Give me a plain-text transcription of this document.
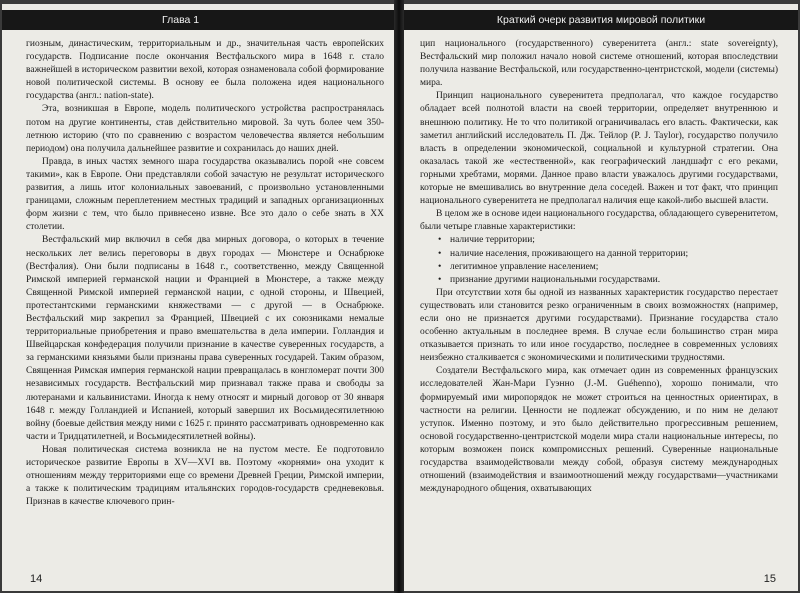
Глава 1

гиозным, династическим, территориальным и др., значительная часть европейских государств. Подписание после окончания Вестфальского мира в 1648 г. стало важнейшей в историческом развитии вехой, которая ознаменовала собой формирование новой политической системы. В основу ее была положена идея национального государства (англ.: nation-state).

Эта, возникшая в Европе, модель политического устройства распространялась потом на другие континенты, став действительно мировой. За чуть более чем 350-летнюю историю (что по сравнению с возрастом человечества является небольшим периодом) она получила дальнейшее развитие и сохранилась до наших дней.

Правда, в иных частях земного шара государства оказывались порой «не совсем такими», как в Европе. Они представляли собой зачастую не результат исторического развития, а лишь итог колониальных завоеваний, с произвольно установленными границами, сложным переплетением местных традиций и западных организационных форм жизни с тем, что было привнесено извне. Все это дало о себе знать в XX столетии.

Вестфальский мир включил в себя два мирных договора, о которых в течение нескольких лет велись переговоры в двух городах — Мюнстере и Оснабрюке (Вестфалия). Они были подписаны в 1648 г., соответственно, между Священной Римской империей германской нации и Францией в Мюнстере, а также между Священной Римской империей германской нации, с одной стороны, и Швецией, протестантскими германскими княжествами — с другой — в Оснабрюке. Вестфальский мир закрепил за Францией, Швецией с их союзниками немалые территориальные приобретения и право вмешательства в дела империи. Голландия и Швейцарская конфедерация получили признание в качестве суверенных государств, а за германскими князьями были признаны права суверенных государей. Таким образом, Священная Римская империя германской нации превращалась в конгломерат почти 300 независимых государств. Вестфальский мир признавал также права и свободы за лютеранами и кальвинистами. Иногда к нему относят и мирный договор от 30 января 1648 г. между Голландией и Испанией, который завершил их Восьмидесятилетнюю войну (боевые действия между ними с 1625 г. принято рассматривать одновременно как части и Тридцатилетней, и Восьмидесятилетней войны).

Новая политическая система возникла не на пустом месте. Ее подготовило историческое развитие Европы в XV—XVI вв. Поэтому «корнями» она уходит к отношениям между территориями еще со времени Древней Греции, Римской империи, а также к политическим традициям итальянских городов-государств средневековья. Признав в качестве ключевого прин-

14
Краткий очерк развития мировой политики

цип национального (государственного) суверенитета (англ.: state sovereignty), Вестфальский мир положил начало новой системе отношений, которая впоследствии получила название Вестфальской, или государственно-центристской, модели (системы) мира.

Принцип национального суверенитета предполагал, что каждое государство обладает всей полнотой власти на своей территории, определяет внутреннюю и внешнюю политику. Не то что политикой ограничивалась его власть. Фактически, как заметил английский исследователь П. Дж. Тейлор (P. J. Taylor), государство получило власть в определении экономической, социальной и культурной стратегии. Она оказалась такой же «естественной», как географический ландшафт с его реками, горными хребтами, морями. Данное право власти уважалось другими государствами, которые не вмешивались во внутренние дела соседей. Важен и тот факт, что принцип национального суверенитета не предполагал наличия еще какой-либо высшей власти.

В целом же в основе идеи национального государства, обладающего суверенитетом, были четыре главные характеристики:

• наличие территории;
• наличие населения, проживающего на данной территории;
• легитимное управление населением;
• признание другими национальными государствами.

При отсутствии хотя бы одной из названных характеристик государство перестает существовать или становится резко ограниченным в своих возможностях (например, если оно не признается другими государствами). Признание государства стало особенно актуальным в последнее время. В случае если большинство стран мира отказывается признать то или иное государство, последнее в современных условиях неизбежно сталкивается с экономическими и политическими трудностями.

Создатели Вестфальского мира, как отмечает один из современных французских исследователей Жан-Мари Гуэнно (J.-M. Guéhenno), хорошо понимали, что формируемый ими миропорядок не может строиться на ценностных ориентирах, в частности на религии. Ценности не подлежат обсуждению, и по ним не делают уступок. Именно поэтому, и это было действительно прогрессивным решением, основой государственно-центристской модели мира стали национальные интересы, по которым возможен поиск компромиссных решений. Суверенные национальные государства взаимодействовали между собой, образуя систему международных отношений (взаимодействия и взаимоотношений между государствами—участниками международного общения, охватывающих

15
